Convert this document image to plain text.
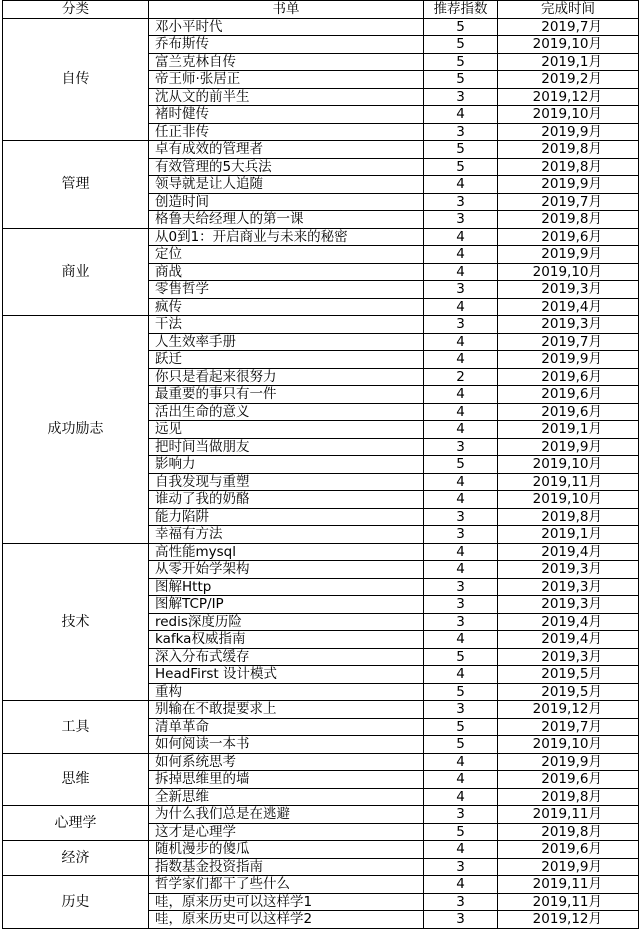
分类	书单	推荐指数	完成时间
自传	邓小平时代	5	2019,7月
	乔布斯传	5	2019,10月
	富兰克林自传	5	2019,1月
	帝王师·张居正	5	2019,2月
	沈从文的前半生	3	2019,12月
	褚时健传	4	2019,10月
	任正非传	3	2019,9月
管理	卓有成效的管理者	5	2019,8月
	有效管理的5大兵法	5	2019,8月
	领导就是让人追随	4	2019,9月
	创造时间	3	2019,7月
	格鲁夫给经理人的第一课	3	2019,8月
商业	从0到1：开启商业与未来的秘密	4	2019,6月
	定位	4	2019,9月
	商战	4	2019,10月
	零售哲学	3	2019,3月
	疯传	4	2019,4月
成功励志	干法	3	2019,3月
	人生效率手册	4	2019,7月
	跃迁	4	2019,9月
	你只是看起来很努力	2	2019,6月
	最重要的事只有一件	4	2019,6月
	活出生命的意义	4	2019,6月
	远见	4	2019,1月
	把时间当做朋友	3	2019,9月
	影响力	5	2019,10月
	自我发现与重塑	4	2019,11月
	谁动了我的奶酪	4	2019,10月
	能力陷阱	3	2019,8月
	幸福有方法	3	2019,1月
技术	高性能mysql	4	2019,4月
	从零开始学架构	4	2019,3月
	图解Http	3	2019,3月
	图解TCP/IP	3	2019,3月
	redis深度历险	3	2019,4月
	kafka权威指南	4	2019,4月
	深入分布式缓存	5	2019,3月
	HeadFirst 设计模式	4	2019,5月
	重构	5	2019,5月
工具	别输在不敢提要求上	3	2019,12月
	清单革命	5	2019,7月
	如何阅读一本书	5	2019,10月
思维	如何系统思考	4	2019,9月
	拆掉思维里的墙	4	2019,6月
	全新思维	4	2019,8月
心理学	为什么我们总是在逃避	3	2019,11月
	这才是心理学	5	2019,8月
经济	随机漫步的傻瓜	4	2019,6月
	指数基金投资指南	3	2019,9月
历史	哲学家们都干了些什么	4	2019,11月
	哇，原来历史可以这样学1	3	2019,11月
	哇，原来历史可以这样学2	3	2019,12月
